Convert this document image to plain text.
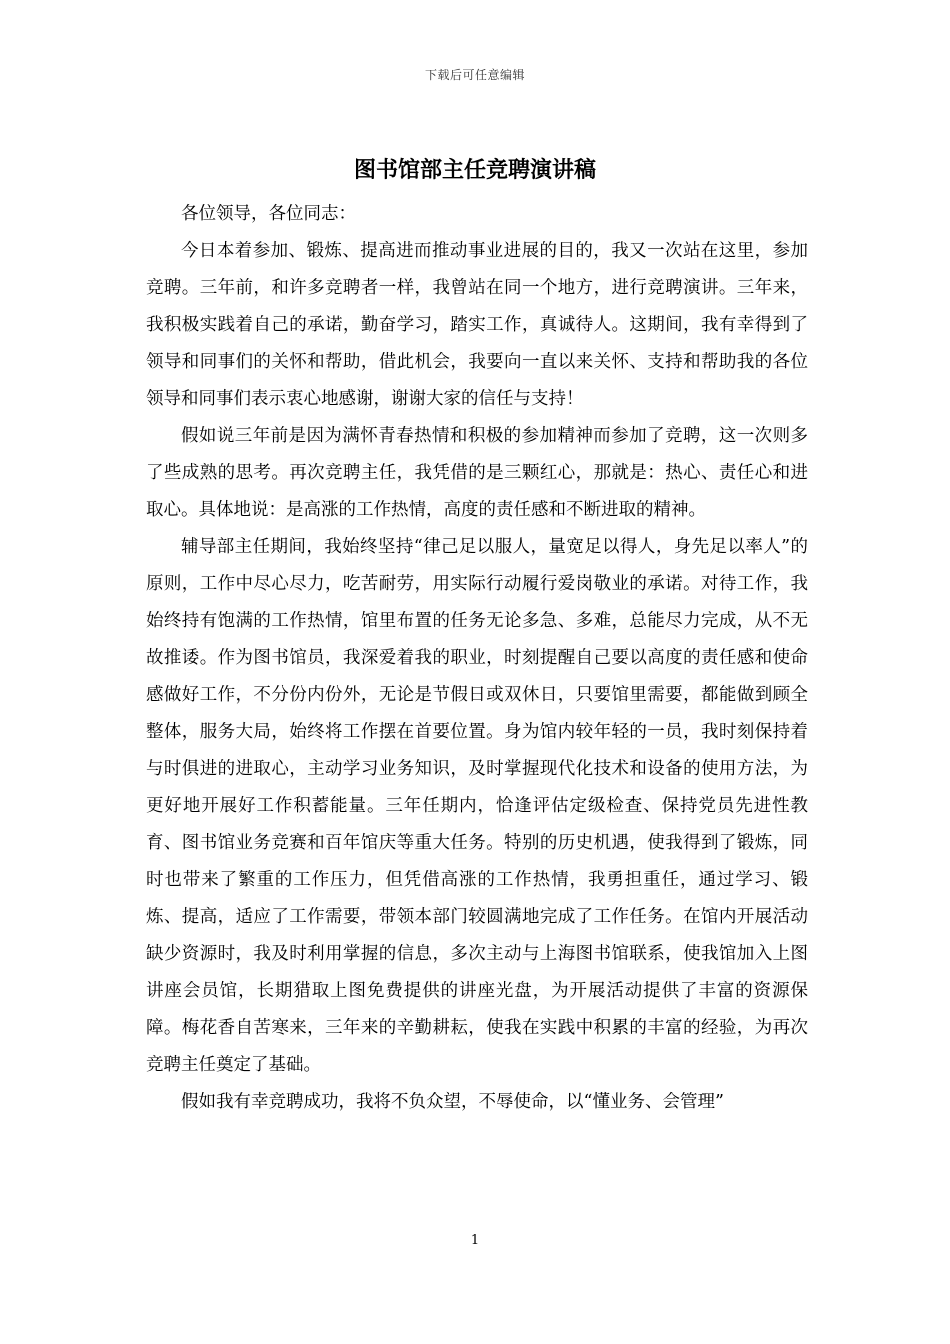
下载后可任意编辑
图书馆部主任竞聘演讲稿

各位领导，各位同志：

今日本着参加、锻炼、提高进而推动事业进展的目的，我又一次站在这里，参加竞聘。三年前，和许多竞聘者一样，我曾站在同一个地方，进行竞聘演讲。三年来，我积极实践着自己的承诺，勤奋学习，踏实工作，真诚待人。这期间，我有幸得到了领导和同事们的关怀和帮助，借此机会，我要向一直以来关怀、支持和帮助我的各位领导和同事们表示衷心地感谢，谢谢大家的信任与支持！

假如说三年前是因为满怀青春热情和积极的参加精神而参加了竞聘，这一次则多了些成熟的思考。再次竞聘主任，我凭借的是三颗红心，那就是：热心、责任心和进取心。具体地说：是高涨的工作热情，高度的责任感和不断进取的精神。

辅导部主任期间，我始终坚持“律己足以服人，量宽足以得人，身先足以率人”的原则，工作中尽心尽力，吃苦耐劳，用实际行动履行爱岗敬业的承诺。对待工作，我始终持有饱满的工作热情，馆里布置的任务无论多急、多难，总能尽力完成，从不无故推诿。作为图书馆员，我深爱着我的职业，时刻提醒自己要以高度的责任感和使命感做好工作，不分份内份外，无论是节假日或双休日，只要馆里需要，都能做到顾全整体，服务大局，始终将工作摆在首要位置。身为馆内较年轻的一员，我时刻保持着与时俱进的进取心，主动学习业务知识，及时掌握现代化技术和设备的使用方法，为更好地开展好工作积蓄能量。三年任期内，恰逢评估定级检查、保持党员先进性教育、图书馆业务竞赛和百年馆庆等重大任务。特别的历史机遇，使我得到了锻炼，同时也带来了繁重的工作压力，但凭借高涨的工作热情，我勇担重任，通过学习、锻炼、提高，适应了工作需要，带领本部门较圆满地完成了工作任务。在馆内开展活动缺少资源时，我及时利用掌握的信息，多次主动与上海图书馆联系，使我馆加入上图讲座会员馆，长期猎取上图免费提供的讲座光盘，为开展活动提供了丰富的资源保障。梅花香自苦寒来，三年来的辛勤耕耘，使我在实践中积累的丰富的经验，为再次竞聘主任奠定了基础。

假如我有幸竞聘成功，我将不负众望，不辱使命，以“懂业务、会管理”

1
